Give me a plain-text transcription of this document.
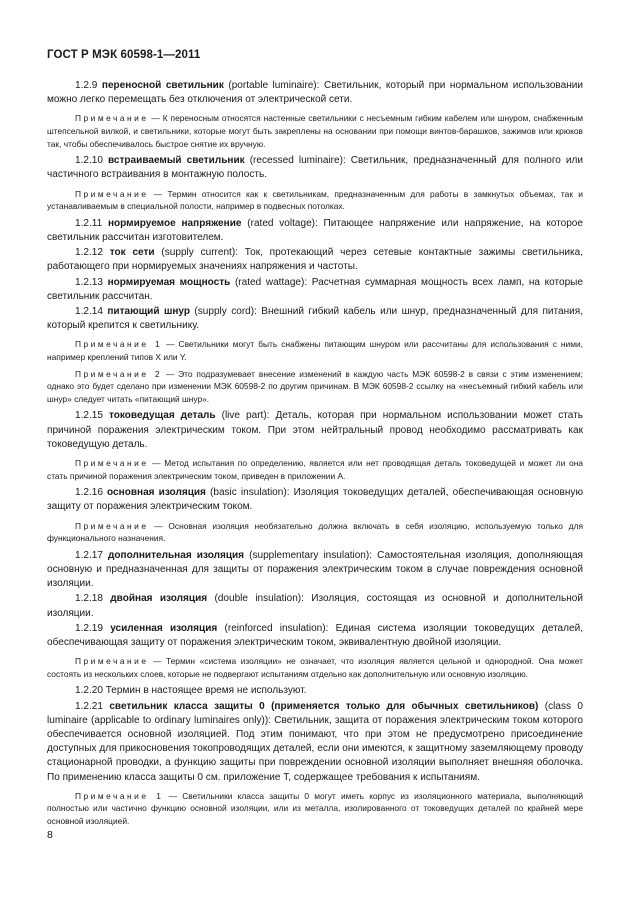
ГОСТ Р МЭК 60598-1—2011

1.2.9 переносной светильник (portable luminaire): Светильник, который при нормальном использовании можно легко перемещать без отключения от электрической сети.

Примечание — К переносным относятся настенные светильники с несъемным гибким кабелем или шнуром, снабженным штепсельной вилкой, и светильники, которые могут быть закреплены на основании при помощи винтов-барашков, зажимов или крюков так, чтобы обеспечивалось быстрое снятие их вручную.

1.2.10 встраиваемый светильник (recessed luminaire): Светильник, предназначенный для полного или частичного встраивания в монтажную полость.

Примечание — Термин относится как к светильникам, предназначенным для работы в замкнутых объемах, так и устанавливаемым в специальной полости, например в подвесных потолках.

1.2.11 нормируемое напряжение (rated voltage): Питающее напряжение или напряжение, на которое светильник рассчитан изготовителем.

1.2.12 ток сети (supply current): Ток, протекающий через сетевые контактные зажимы светильника, работающего при нормируемых значениях напряжения и частоты.

1.2.13 нормируемая мощность (rated wattage): Расчетная суммарная мощность всех ламп, на которые светильник рассчитан.

1.2.14 питающий шнур (supply cord): Внешний гибкий кабель или шнур, предназначенный для питания, который крепится к светильнику.

Примечание 1 — Светильники могут быть снабжены питающим шнуром или рассчитаны для использования с ними, например креплений типов X или Y.

Примечание 2 — Это подразумевает внесение изменений в каждую часть МЭК 60598-2 в связи с этим изменением; однако это будет сделано при изменении МЭК 60598-2 по другим причинам. В МЭК 60598-2 ссылку на «несъемный гибкий кабель или шнур» следует читать «питающий шнур».

1.2.15 токоведущая деталь (live part): Деталь, которая при нормальном использовании может стать причиной поражения электрическим током. При этом нейтральный провод необходимо рассматривать как токоведущую деталь.

Примечание — Метод испытания по определению, является или нет проводящая деталь токоведущей и может ли она стать причиной поражения электрическим током, приведен в приложении А.

1.2.16 основная изоляция (basic insulation): Изоляция токоведущих деталей, обеспечивающая основную защиту от поражения электрическим током.

Примечание — Основная изоляция необязательно должна включать в себя изоляцию, используемую только для функционального назначения.

1.2.17 дополнительная изоляция (supplementary insulation): Самостоятельная изоляция, дополняющая основную и предназначенная для защиты от поражения электрическим током в случае повреждения основной изоляции.

1.2.18 двойная изоляция (double insulation): Изоляция, состоящая из основной и дополнительной изоляции.

1.2.19 усиленная изоляция (reinforced insulation): Единая система изоляции токоведущих деталей, обеспечивающая защиту от поражения электрическим током, эквивалентную двойной изоляции.

Примечание — Термин «система изоляции» не означает, что изоляция является цельной и однородной. Она может состоять из нескольких слоев, которые не подвергают испытаниям отдельно как дополнительную или основную изоляцию.

1.2.20 Термин в настоящее время не используют.

1.2.21 светильник класса защиты 0 (применяется только для обычных светильников) (class 0 luminaire (applicable to ordinary luminaires only)): Светильник, защита от поражения электрическим током которого обеспечивается основной изоляцией. Под этим понимают, что при этом не предусмотрено присоединение доступных для прикосновения токопроводящих деталей, если они имеются, к защитному заземляющему проводу стационарной проводки, а функцию защиты при повреждении основной изоляции выполняет внешняя оболочка. По применению класса защиты 0 см. приложение Т, содержащее требования к испытаниям.

Примечание 1 — Светильники класса защиты 0 могут иметь корпус из изоляционного материала, выполняющий полностью или частично функцию основной изоляции, или из металла, изолированного от токоведущих деталей по крайней мере основной изоляцией.

8
